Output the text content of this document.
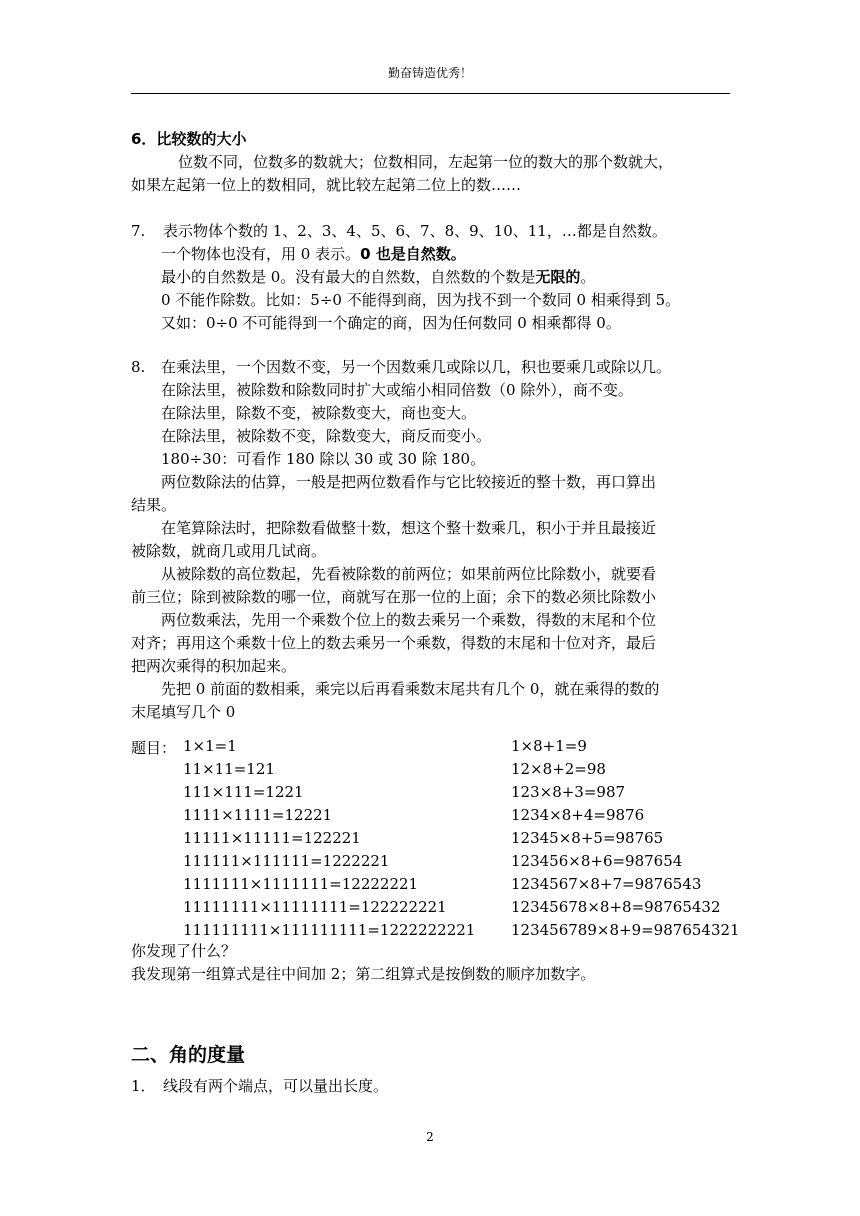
勤奋铸造优秀！
6．比较数的大小
位数不同，位数多的数就大；位数相同，左起第一位的数大的那个数就大，
如果左起第一位上的数相同，就比较左起第二位上的数……
7. 表示物体个数的 1、2、3、4、5、6、7、8、9、10、11，…都是自然数。
一个物体也没有，用 0 表示。0 也是自然数。
最小的自然数是 0。没有最大的自然数，自然数的个数是无限的。
0 不能作除数。比如：5÷0 不能得到商，因为找不到一个数同 0 相乘得到 5。
又如：0÷0 不可能得到一个确定的商，因为任何数同 0 相乘都得 0。
8. 在乘法里，一个因数不变，另一个因数乘几或除以几，积也要乘几或除以几。
在除法里，被除数和除数同时扩大或缩小相同倍数（0 除外），商不变。
在除法里，除数不变，被除数变大，商也变大。
在除法里，被除数不变，除数变大，商反而变小。
180÷30：可看作 180 除以 30 或 30 除 180。
两位数除法的估算，一般是把两位数看作与它比较接近的整十数，再口算出
结果。
在笔算除法时，把除数看做整十数，想这个整十数乘几，积小于并且最接近
被除数，就商几或用几试商。
从被除数的高位数起，先看被除数的前两位；如果前两位比除数小，就要看
前三位；除到被除数的哪一位，商就写在那一位的上面；余下的数必须比除数小
两位数乘法，先用一个乘数个位上的数去乘另一个乘数，得数的末尾和个位
对齐；再用这个乘数十位上的数去乘另一个乘数，得数的末尾和十位对齐，最后
把两次乘得的积加起来。
先把 0 前面的数相乘，乘完以后再看乘数末尾共有几个 0，就在乘得的数的
末尾填写几个 0
题目： 1×1=1
11×11=121
111×111=1221
1111×1111=12221
11111×11111=122221
111111×111111=1222221
1111111×1111111=12222221
11111111×11111111=122222221
111111111×111111111=1222222221
1×8+1=9
12×8+2=98
123×8+3=987
1234×8+4=9876
12345×8+5=98765
123456×8+6=987654
1234567×8+7=9876543
12345678×8+8=98765432
123456789×8+9=987654321
你发现了什么？
我发现第一组算式是往中间加 2；第二组算式是按倒数的顺序加数字。
二、角的度量
1．　线段有两个端点，可以量出长度。
2
